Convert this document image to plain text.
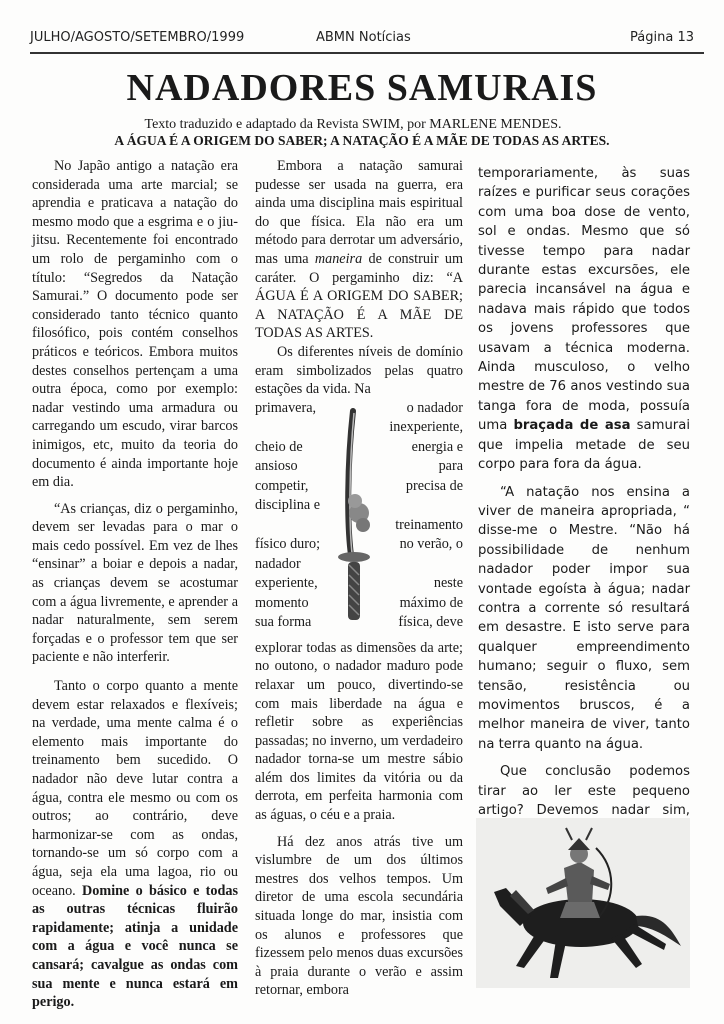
JULHO/AGOSTO/SETEMBRO/1999	ABMN Notícias	Página 13
NADADORES SAMURAIS
Texto traduzido e adaptado da Revista SWIM, por MARLENE MENDES.
A ÁGUA É A ORIGEM DO SABER; A NATAÇÃO É A MÃE DE TODAS AS ARTES.

No Japão antigo a natação era considerada uma arte marcial; se aprendia e praticava a natação do mesmo modo que a esgrima e o jiu-jitsu. Recentemente foi encontrado um rolo de pergaminho com o título: “Segredos da Natação Samurai.” O documento pode ser considerado tanto técnico quanto filosófico, pois contém conselhos práticos e teóricos. Embora muitos destes conselhos pertençam a uma outra época, como por exemplo: nadar vestindo uma armadura ou carregando um escudo, virar barcos inimigos, etc, muito da teoria do documento é ainda importante hoje em dia.

“As crianças, diz o pergaminho, devem ser levadas para o mar o mais cedo possível. Em vez de lhes “ensinar” a boiar e depois a nadar, as crianças devem se acostumar com a água livremente, e aprender a nadar naturalmente, sem serem forçadas e o professor tem que ser paciente e não interferir.

Tanto o corpo quanto a mente devem estar relaxados e flexíveis; na verdade, uma mente calma é o elemento mais importante do treinamento bem sucedido. O nadador não deve lutar contra a água, contra ele mesmo ou com os outros; ao contrário, deve harmonizar-se com as ondas, tornando-se um só corpo com a água, seja ela uma lagoa, rio ou oceano. Domine o básico e todas as outras técnicas fluirão rapidamente; atinja a unidade com a água e você nunca se cansará; cavalgue as ondas com sua mente e nunca estará em perigo.

Embora a natação samurai pudesse ser usada na guerra, era ainda uma disciplina mais espiritual do que física. Ela não era um método para derrotar um adversário, mas uma maneira de construir um caráter. O pergaminho diz: “A ÁGUA É A ORIGEM DO SABER; A NATAÇÃO É A MÃE DE TODAS AS ARTES.

Os diferentes níveis de domínio eram simbolizados pelas quatro estações da vida. Na

primavera,
cheio de
ansioso
competir,
disciplina e
físico duro;
nadador
experiente,
momento
sua forma
o nadador
inexperiente,
energia e
para
precisa de
treinamento
no verão, o
neste
máximo de
física, deve

explorar todas as dimensões da arte; no outono, o nadador maduro pode relaxar um pouco, divertindo-se com mais liberdade na água e refletir sobre as experiências passadas; no inverno, um verdadeiro nadador torna-se um mestre sábio além dos limites da vitória ou da derrota, em perfeita harmonia com as águas, o céu e a praia.

Há dez anos atrás tive um vislumbre de um dos últimos mestres dos velhos tempos. Um diretor de uma escola secundária situada longe do mar, insistia com os alunos e professores que fizessem pelo menos duas excursões à praia durante o verão e assim retornar, embora

temporariamente, às suas raízes e purificar seus corações com uma boa dose de vento, sol e ondas. Mesmo que só tivesse tempo para nadar durante estas excursões, ele parecia incansável na água e nadava mais rápido que todos os jovens professores que usavam a técnica moderna. Ainda musculoso, o velho mestre de 76 anos vestindo sua tanga fora de moda, possuía uma braçada de asa samurai que impelia metade de seu corpo para fora da água.

“A natação nos ensina a viver de maneira apropriada, “ disse-me o Mestre. “Não há possibilidade de nenhum nadador poder impor sua vontade egoísta à água; nadar contra a corrente só resultará em desastre. E isto serve para qualquer empreendimento humano; seguir o fluxo, sem tensão, resistência ou movimentos bruscos, é a melhor maneira de viver, tanto na terra quanto na água.

Que conclusão podemos tirar ao ler este pequeno artigo? Devemos nadar sim,
